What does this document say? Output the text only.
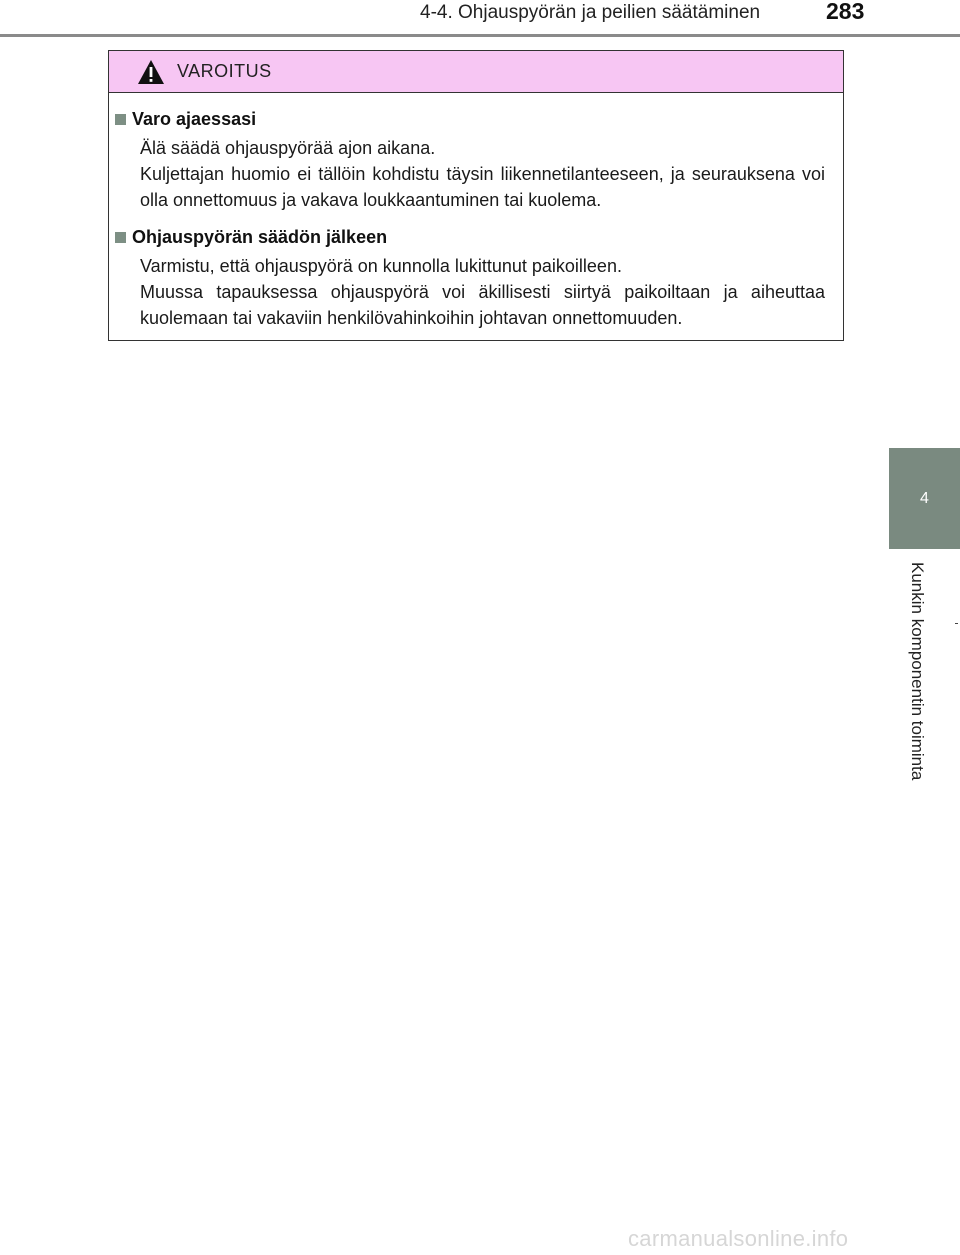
4-4. Ohjauspyörän ja peilien säätäminen	283
VAROITUS
Varo ajaessasi

Älä säädä ohjauspyörää ajon aikana.

Kuljettajan huomio ei tällöin kohdistu täysin liikennetilanteeseen, ja seurauksena voi olla onnettomuus ja vakava loukkaantuminen tai kuolema.

Ohjauspyörän säädön jälkeen

Varmistu, että ohjauspyörä on kunnolla lukittunut paikoilleen.

Muussa tapauksessa ohjauspyörä voi äkillisesti siirtyä paikoiltaan ja aiheuttaa kuolemaan tai vakaviin henkilövahinkoihin johtavan onnettomuuden.

4
Kunkin komponentin toiminta
carmanualsonline.info
